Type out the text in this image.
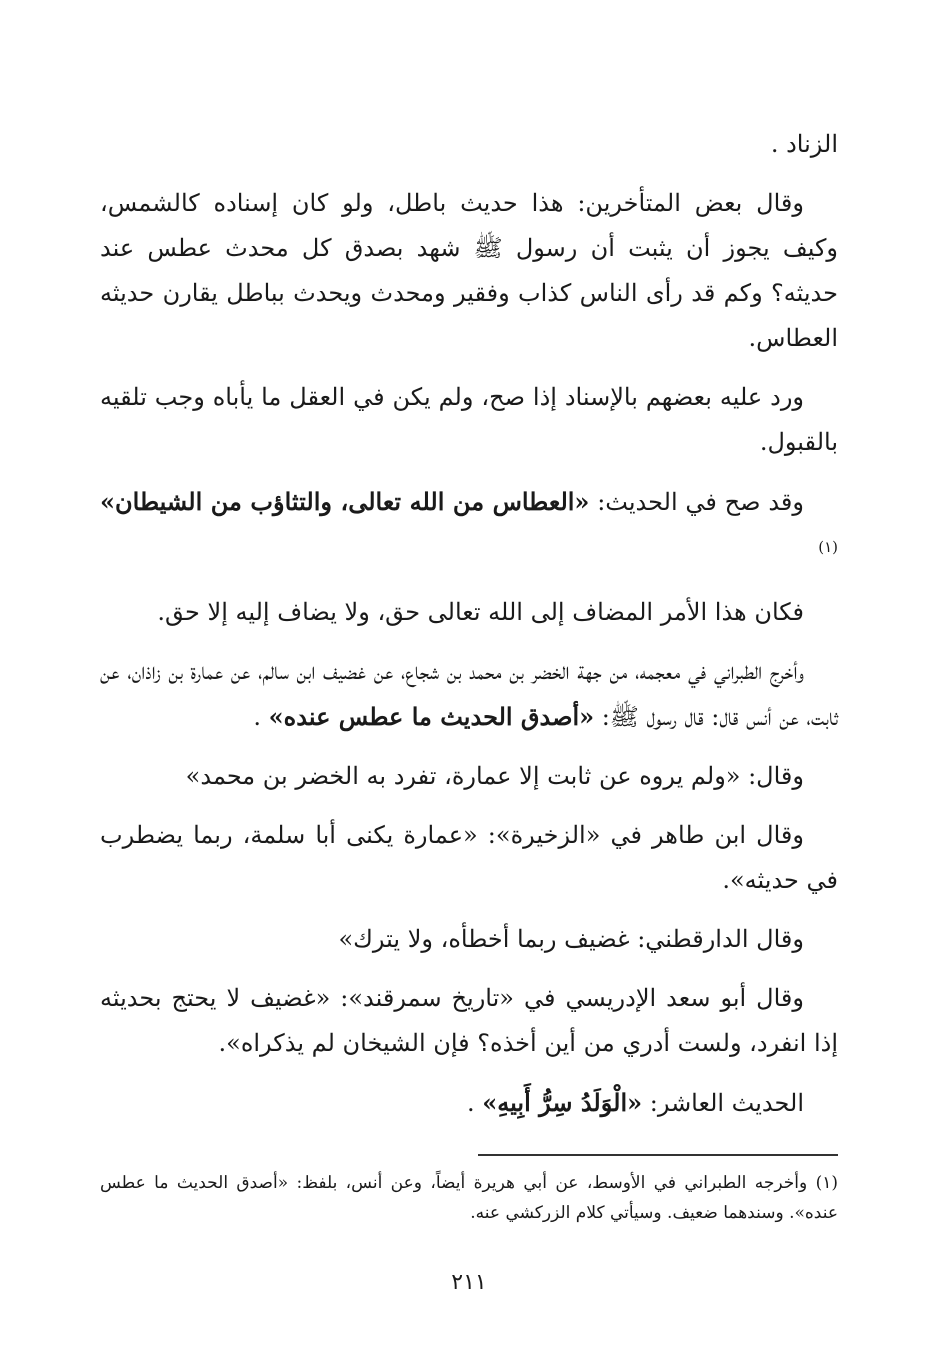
الزناد .

وقال بعض المتأخرين: هذا حديث باطل، ولو كان إسناده كالشمس، وكيف يجوز أن يثبت أن رسول ﷺ شهد بصدق كل محدث عطس عند حديثه؟ وكم قد رأى الناس كذاب وفقير ومحدث ويحدث بباطل يقارن حديثه العطاس.

ورد عليه بعضهم بالإسناد إذا صح، ولم يكن في العقل ما يأباه وجب تلقيه بالقبول.

وقد صح في الحديث: «العطاس من الله تعالى، والتثاؤب من الشيطان» $^{(١)}$

فكان هذا الأمر المضاف إلى الله تعالى حق، ولا يضاف إليه إلا حق.

وأخرج الطبراني في معجمه، من جهة الخضر بن محمد بن شجاع، عن غضيف ابن سالم، عن عمارة بن زاذان، عن ثابت، عن أنس قال: قال رسول ﷺ: «أصدق الحديث ما عطس عنده» .

وقال: «ولم يروه عن ثابت إلا عمارة، تفرد به الخضر بن محمد»

وقال ابن طاهر في «الزخيرة»: «عمارة يكنى أبا سلمة، ربما يضطرب في حديثه».

وقال الدارقطني: غضيف ربما أخطأه، ولا يترك»

وقال أبو سعد الإدريسي في «تاريخ سمرقند»: «غضيف لا يحتج بحديثه إذا انفرد، ولست أدري من أين أخذه؟ فإن الشيخان لم يذكراه».

الحديث العاشر: «الْوَلَدُ سِرُّ أَبِيهِ» .

(١) وأخرجه الطبراني في الأوسط، عن أبي هريرة أيضاً، وعن أنس، بلفظ: «أصدق الحديث ما عطس عنده». وسندهما ضعيف. وسيأتي كلام الزركشي عنه.

٢١١
